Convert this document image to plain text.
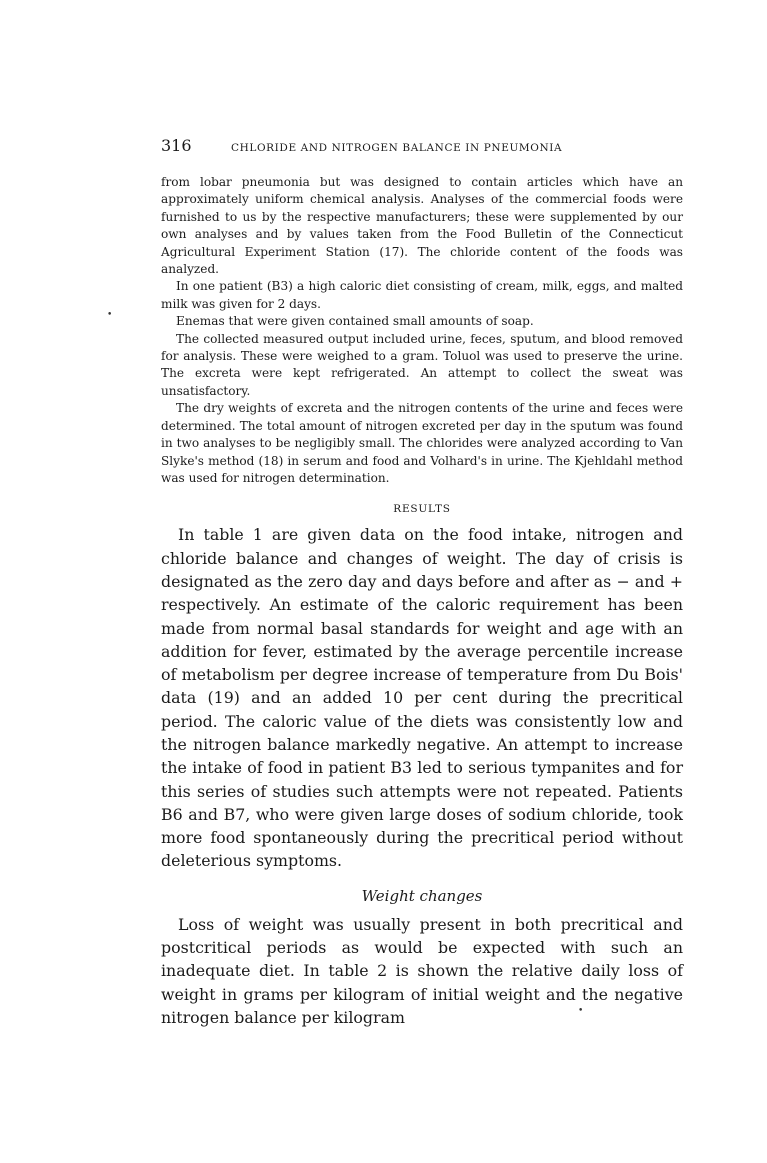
316	CHLORIDE AND NITROGEN BALANCE IN PNEUMONIA

from lobar pneumonia but was designed to contain articles which have an approximately uniform chemical analysis. Analyses of the commercial foods were furnished to us by the respective manufacturers; these were supplemented by our own analyses and by values taken from the Food Bulletin of the Connecticut Agricultural Experiment Station (17). The chloride content of the foods was analyzed.

In one patient (B3) a high caloric diet consisting of cream, milk, eggs, and malted milk was given for 2 days.

Enemas that were given contained small amounts of soap.

The collected measured output included urine, feces, sputum, and blood removed for analysis. These were weighed to a gram. Toluol was used to preserve the urine. The excreta were kept refrigerated. An attempt to collect the sweat was unsatisfactory.

The dry weights of excreta and the nitrogen contents of the urine and feces were determined. The total amount of nitrogen excreted per day in the sputum was found in two analyses to be negligibly small. The chlorides were analyzed according to Van Slyke's method (18) in serum and food and Volhard's in urine. The Kjehldahl method was used for nitrogen determination.

RESULTS

In table 1 are given data on the food intake, nitrogen and chloride balance and changes of weight. The day of crisis is designated as the zero day and days before and after as − and + respectively. An estimate of the caloric requirement has been made from normal basal standards for weight and age with an addition for fever, estimated by the average percentile increase of metabolism per degree increase of temperature from Du Bois' data (19) and an added 10 per cent during the precritical period. The caloric value of the diets was consistently low and the nitrogen balance markedly negative. An attempt to increase the intake of food in patient B3 led to serious tympanites and for this series of studies such attempts were not repeated. Patients B6 and B7, who were given large doses of sodium chloride, took more food spontaneously during the precritical period without deleterious symptoms.

Weight changes

Loss of weight was usually present in both precritical and postcritical periods as would be expected with such an inadequate diet. In table 2 is shown the relative daily loss of weight in grams per kilogram of initial weight and the negative nitrogen balance per kilogram

•
•
